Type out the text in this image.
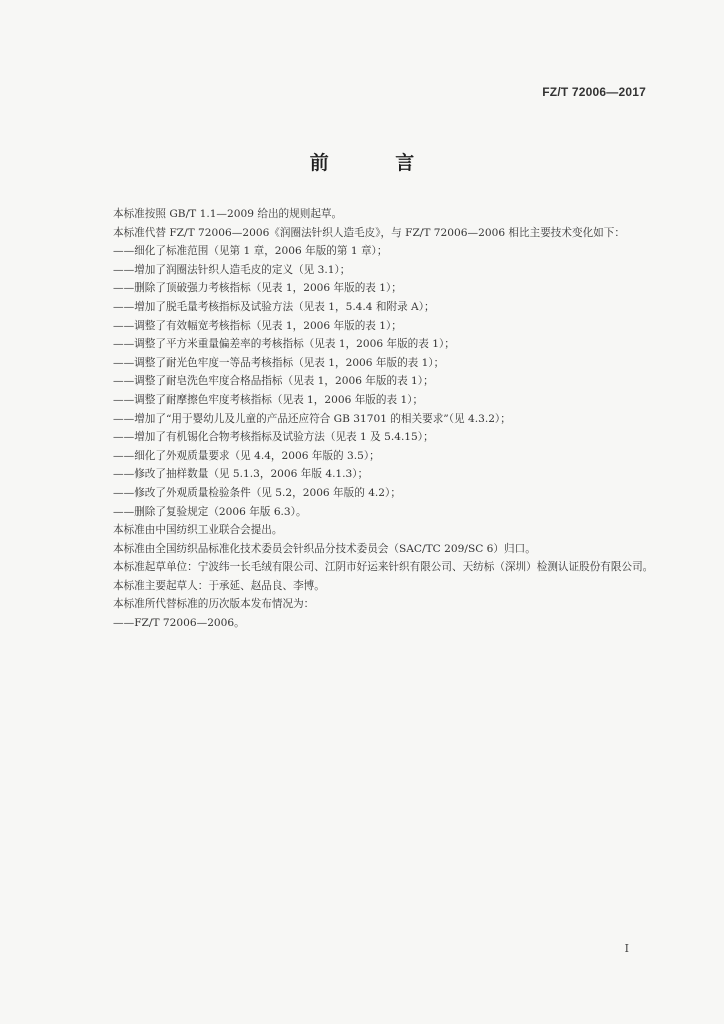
FZ/T 72006—2017
前 言

本标准按照 GB/T 1.1—2009 给出的规则起草。

本标准代替 FZ/T 72006—2006《润圈法针织人造毛皮》，与 FZ/T 72006—2006 相比主要技术变化如下：

——细化了标准范围（见第 1 章，2006 年版的第 1 章）；

——增加了润圈法针织人造毛皮的定义（见 3.1）；

——删除了顶破强力考核指标（见表 1，2006 年版的表 1）；

——增加了脱毛量考核指标及试验方法（见表 1，5.4.4 和附录 A）；

——调整了有效幅宽考核指标（见表 1，2006 年版的表 1）；

——调整了平方米重量偏差率的考核指标（见表 1，2006 年版的表 1）；

——调整了耐光色牢度一等品考核指标（见表 1，2006 年版的表 1）；

——调整了耐皂洗色牢度合格品指标（见表 1，2006 年版的表 1）；

——调整了耐摩擦色牢度考核指标（见表 1，2006 年版的表 1）；

——增加了“用于婴幼儿及儿童的产品还应符合 GB 31701 的相关要求”（见 4.3.2）；

——增加了有机锡化合物考核指标及试验方法（见表 1 及 5.4.15）；

——细化了外观质量要求（见 4.4，2006 年版的 3.5）；

——修改了抽样数量（见 5.1.3，2006 年版 4.1.3）；

——修改了外观质量检验条件（见 5.2，2006 年版的 4.2）；

——删除了复验规定（2006 年版 6.3）。

本标准由中国纺织工业联合会提出。

本标准由全国纺织品标准化技术委员会针织品分技术委员会（SAC/TC 209/SC 6）归口。

本标准起草单位：宁波纬一长毛绒有限公司、江阴市好运来针织有限公司、天纺标（深圳）检测认证股份有限公司。

本标准主要起草人：于承延、赵品良、李博。

本标准所代替标准的历次版本发布情况为：

——FZ/T 72006—2006。

I
